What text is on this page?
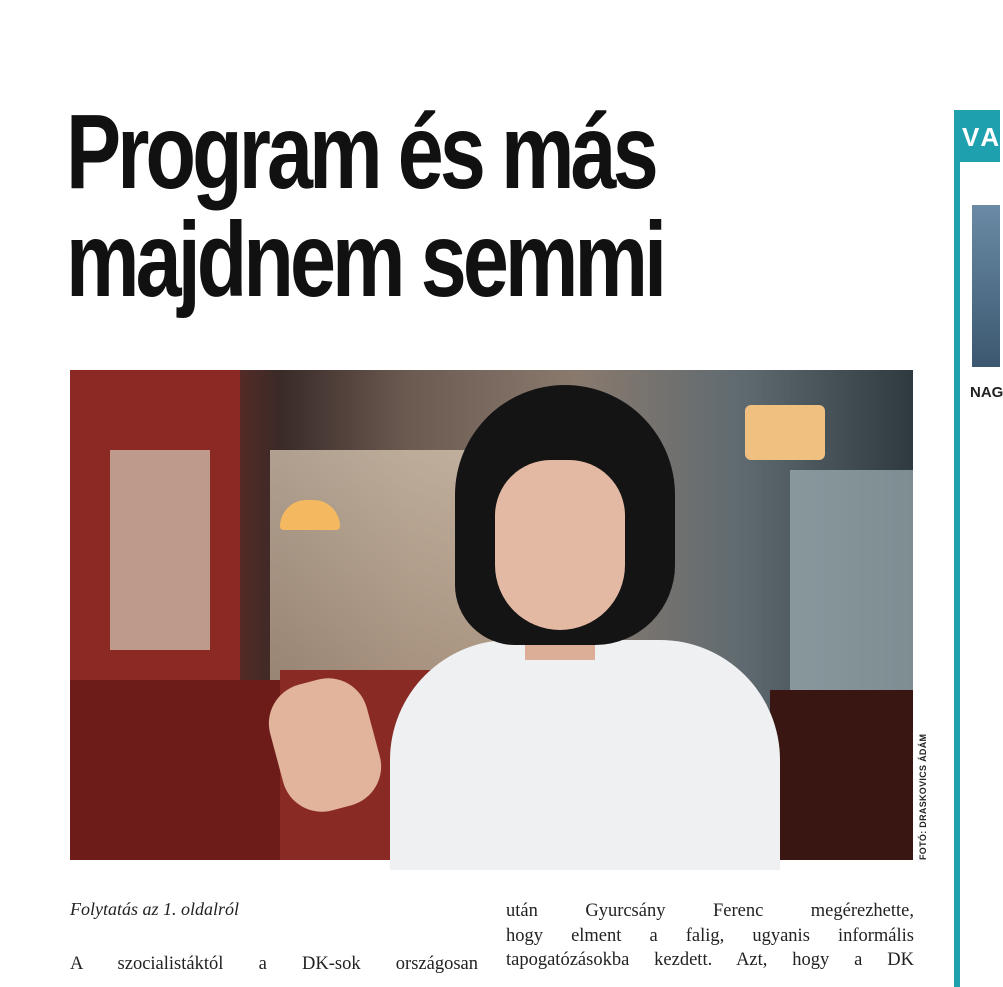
Program és más
majdnem semmi
FOTÓ: DRASKOVICS ÁDÁM
Folytatás az 1. oldalról
A szocialistáktól a DK-sok országosan
után Gyurcsány Ferenc megérezhette,
hogy elment a falig, ugyanis informális
tapogatózásokba kezdett. Azt, hogy a DK
VA
NAG
